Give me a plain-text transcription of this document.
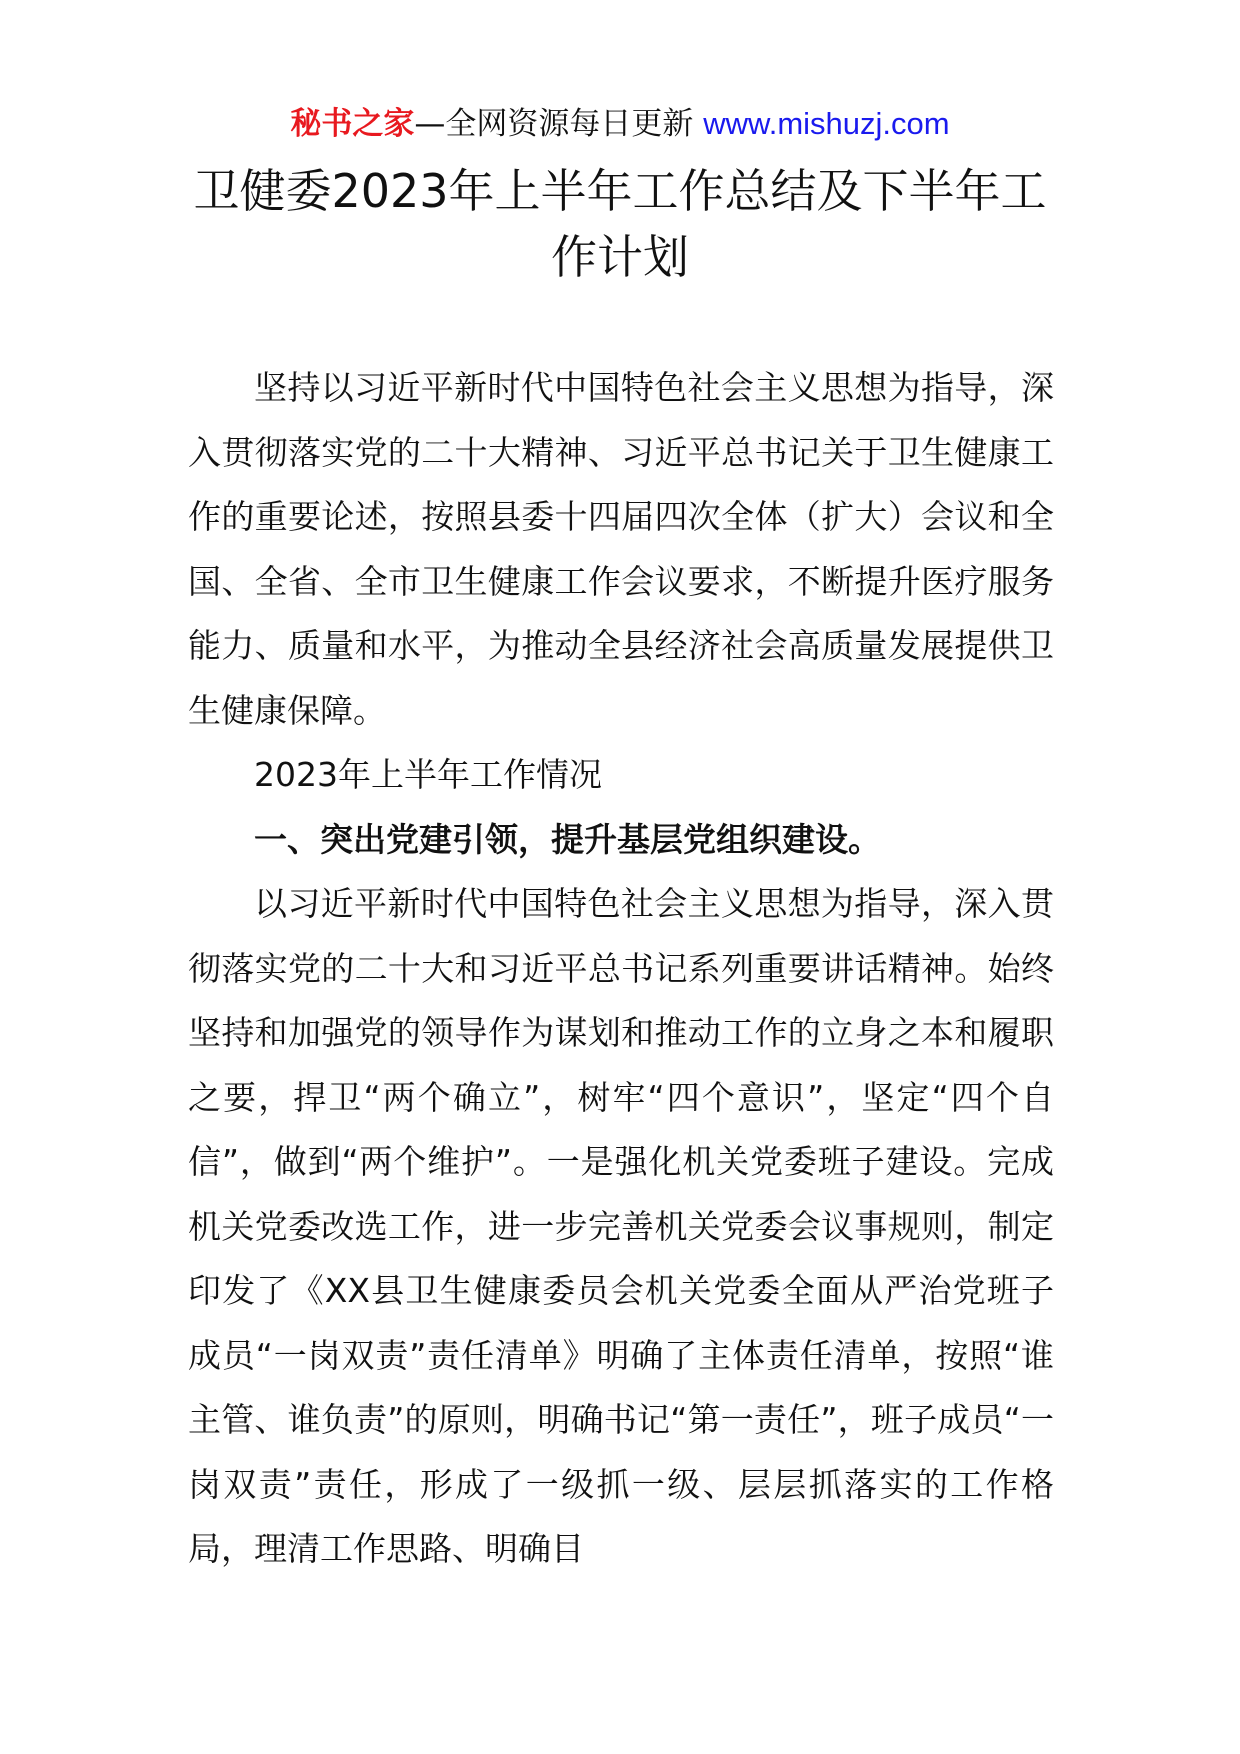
秘书之家—全网资源每日更新 www.mishuzj.com
卫健委2023年上半年工作总结及下半年工作计划

坚持以习近平新时代中国特色社会主义思想为指导，深入贯彻落实党的二十大精神、习近平总书记关于卫生健康工作的重要论述，按照县委十四届四次全体（扩大）会议和全国、全省、全市卫生健康工作会议要求，不断提升医疗服务能力、质量和水平，为推动全县经济社会高质量发展提供卫生健康保障。

2023年上半年工作情况

一、突出党建引领，提升基层党组织建设。

以习近平新时代中国特色社会主义思想为指导，深入贯彻落实党的二十大和习近平总书记系列重要讲话精神。始终坚持和加强党的领导作为谋划和推动工作的立身之本和履职之要，捍卫“两个确立”，树牢“四个意识”，坚定“四个自信”，做到“两个维护”。一是强化机关党委班子建设。完成机关党委改选工作，进一步完善机关党委会议事规则，制定印发了《XX县卫生健康委员会机关党委全面从严治党班子成员“一岗双责”责任清单》明确了主体责任清单，按照“谁主管、谁负责”的原则，明确书记“第一责任”，班子成员“一岗双责”责任，形成了一级抓一级、层层抓落实的工作格局，理清工作思路、明确目
